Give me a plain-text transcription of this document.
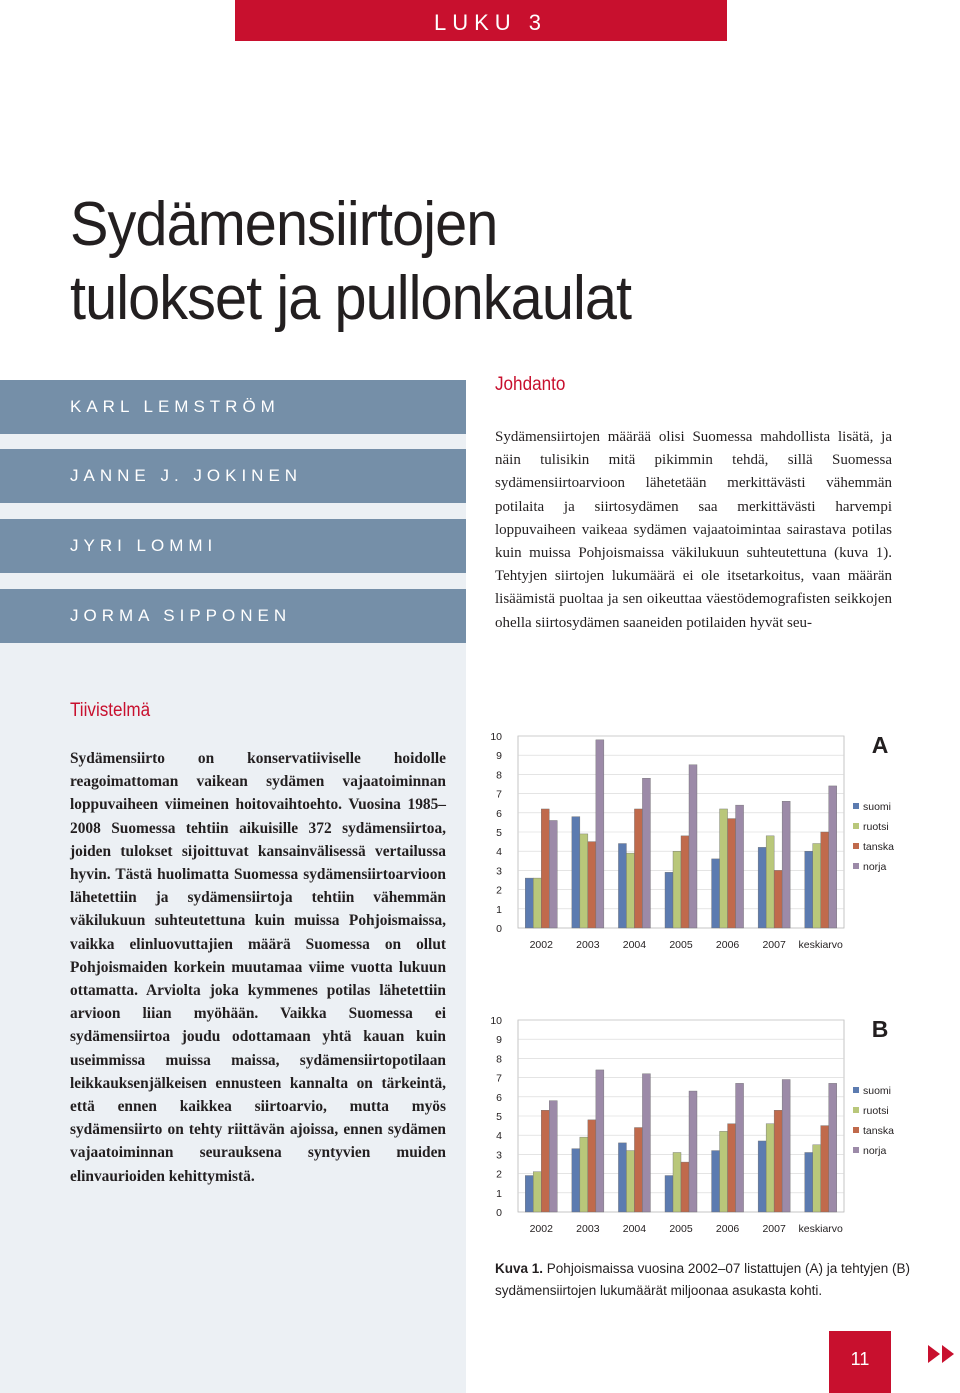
LUKU 3
Sydämensiirtojen
tulokset ja pullonkaulat
KARL LEMSTRÖM
JANNE J. JOKINEN
JYRI LOMMI
JORMA SIPPONEN
Johdanto
Sydämensiirtojen määrää olisi Suomessa mahdollista lisätä, ja näin tulisikin mitä pikimmin tehdä, sillä Suomessa sydämensiirtoarvioon lähetetään merkittävästi vähemmän potilaita ja siirtosydämen saa merkittävästi harvempi loppuvaiheen vaikeaa sydämen vajaatoimintaa sairastava potilas kuin muissa Pohjoismaissa väkilukuun suhteutettuna (kuva 1). Tehtyjen siirtojen lukumäärä ei ole itsetarkoitus, vaan määrän lisäämistä puoltaa ja sen oikeuttaa väestödemografisten seikkojen ohella siirtosydämen saaneiden potilaiden hyvät seu-
Tiivistelmä
Sydämensiirto on konservatiiviselle hoidolle reagoimattoman vaikean sydämen vajaatoiminnan loppuvaiheen viimeinen hoitovaihtoehto. Vuosina 1985–2008 Suomessa tehtiin aikuisille 372 sydämensiirtoa, joiden tulokset sijoittuvat kansainvälisessä vertailussa hyvin. Tästä huolimatta Suomessa sydämensiirtoarvioon lähetettiin ja sydämensiirtoja tehtiin vähemmän väkilukuun suhteutettuna kuin muissa Pohjoismaissa, vaikka elinluovuttajien määrä Suomessa on ollut Pohjoismaiden korkein muutamaa viime vuotta lukuun ottamatta. Arviolta joka kymmenes potilas lähetettiin arvioon liian myöhään. Vaikka Suomessa ei sydämensiirtoa joudu odottamaan yhtä kauan kuin useimmissa muissa maissa, sydämensiirtopotilaan leikkauksenjälkeisen ennusteen kannalta on tärkeintä, että ennen kaikkea siirtoarvio, mutta myös sydämensiirto on tehty riittävän ajoissa, ennen sydämen vajaatoiminnan seurauksena syntyvien muiden elinvaurioiden kehittymistä.
0
1
2
3
4
5
6
7
8
9
10
2002 2003 2004 2005 2006 2007 keskiarvo
A
suomi
ruotsi
tanska
norja
0
1
2
3
4
5
6
7
8
9
10
2002 2003 2004 2005 2006 2007 keskiarvo
B
suomi
ruotsi
tanska
norja
Kuva 1. Pohjoismaissa vuosina 2002–07 listattujen (A) ja tehtyjen (B) sydämensiirtojen lukumäärät miljoonaa asukasta kohti.
11
